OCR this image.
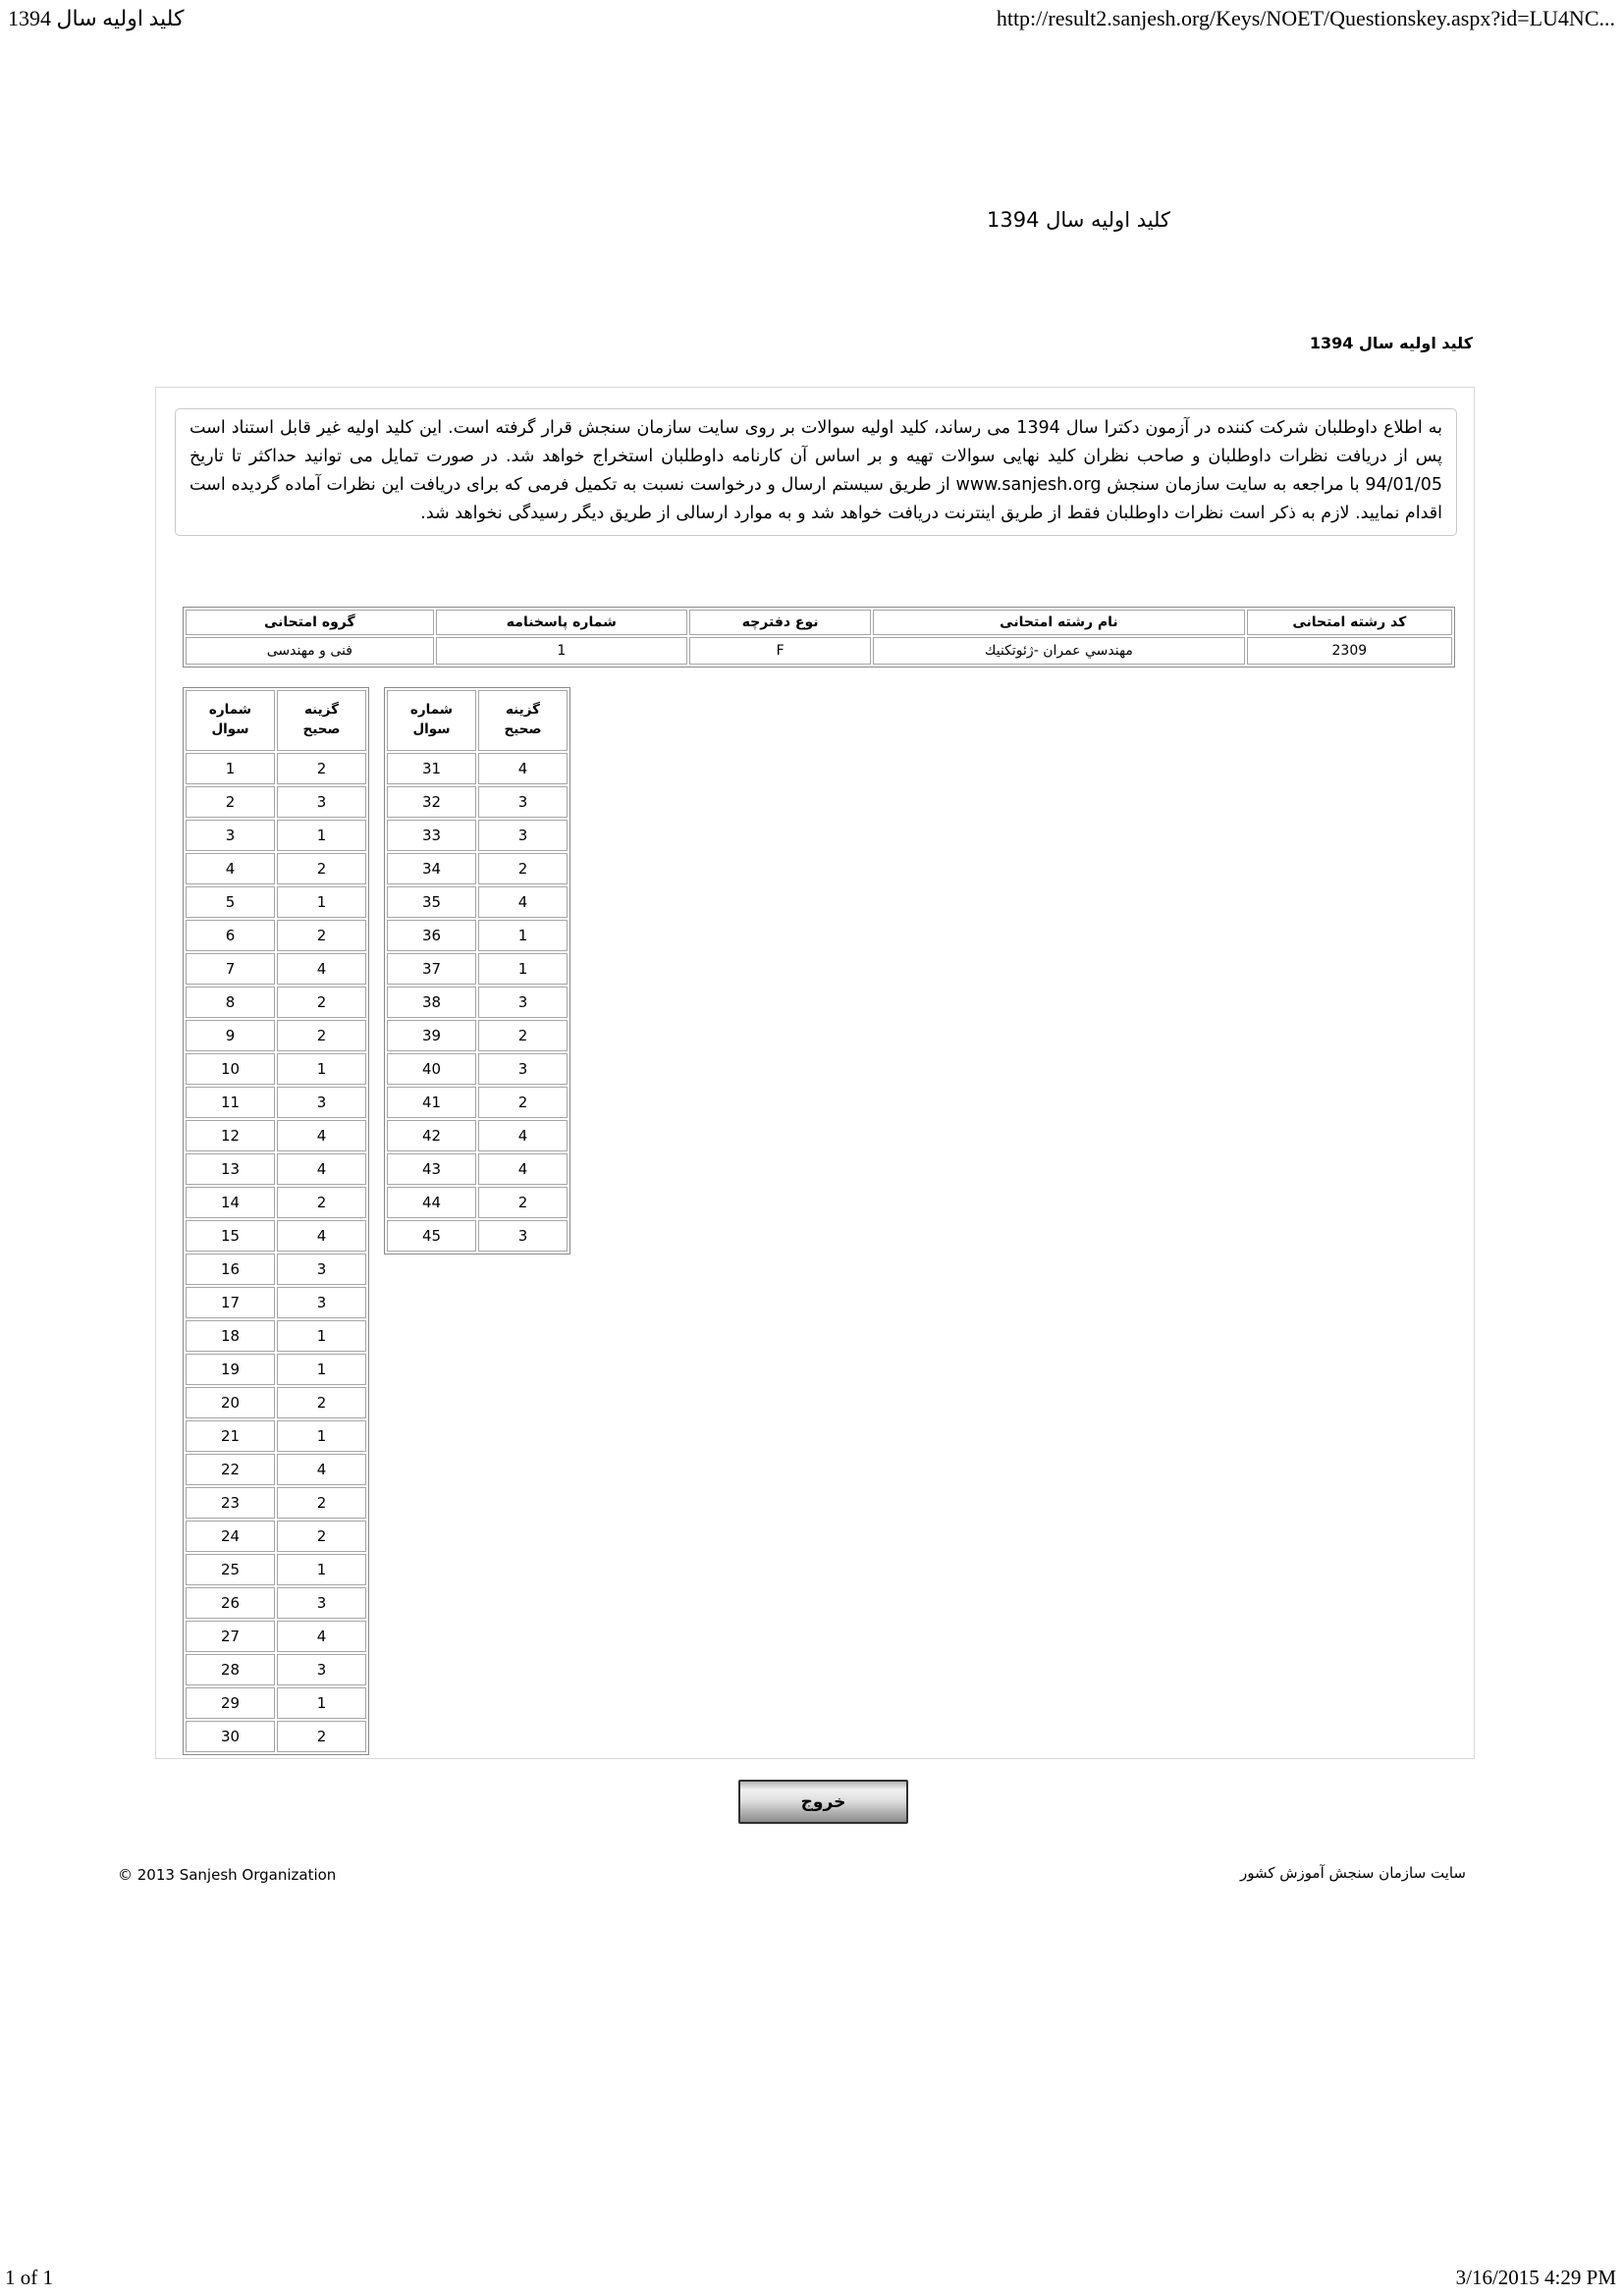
کلید اولیه سال 1394	http://result2.sanjesh.org/Keys/NOET/Questionskey.aspx?id=LU4NC...
کلید اولیه سال 1394
کلید اولیه سال 1394
به اطلاع داوطلبان شرکت کننده در آزمون دکترا سال 1394 می رساند، کلید اولیه سوالات بر روی سایت سازمان سنجش قرار گرفته است. این کلید اولیه غیر قابل استناد است پس از دریافت نظرات داوطلبان و صاحب نظران کلید نهایی سوالات تهیه و بر اساس آن کارنامه داوطلبان استخراج خواهد شد. در صورت تمایل می توانید حداکثر تا تاریخ 94/01/05 با مراجعه به سایت سازمان سنجش www.sanjesh.org از طریق سیستم ارسال و درخواست نسبت به تکمیل فرمی که برای دریافت این نظرات آماده گردیده است اقدام نمایید. لازم به ذکر است نظرات داوطلبان فقط از طریق اینترنت دریافت خواهد شد و به موارد ارسالی از طریق دیگر رسیدگی نخواهد شد.
کد رشته امتحانی	نام رشته امتحانی	نوع دفترچه	شماره پاسخنامه	گروه امتحانی
2309	مهندسي عمران -ژئوتكنيك	F	1	فنی و مهندسی
شماره سوال	گزینه صحیح
1	2
2	3
3	1
4	2
5	1
6	2
7	4
8	2
9	2
10	1
11	3
12	4
13	4
14	2
15	4
16	3
17	3
18	1
19	1
20	2
21	1
22	4
23	2
24	2
25	1
26	3
27	4
28	3
29	1
30	2
شماره سوال	گزینه صحیح
31	4
32	3
33	3
34	2
35	4
36	1
37	1
38	3
39	2
40	3
41	2
42	4
43	4
44	2
45	3
خروج
© 2013 Sanjesh Organization	سایت سازمان سنجش آموزش کشور
1 of 1	3/16/2015 4:29 PM
